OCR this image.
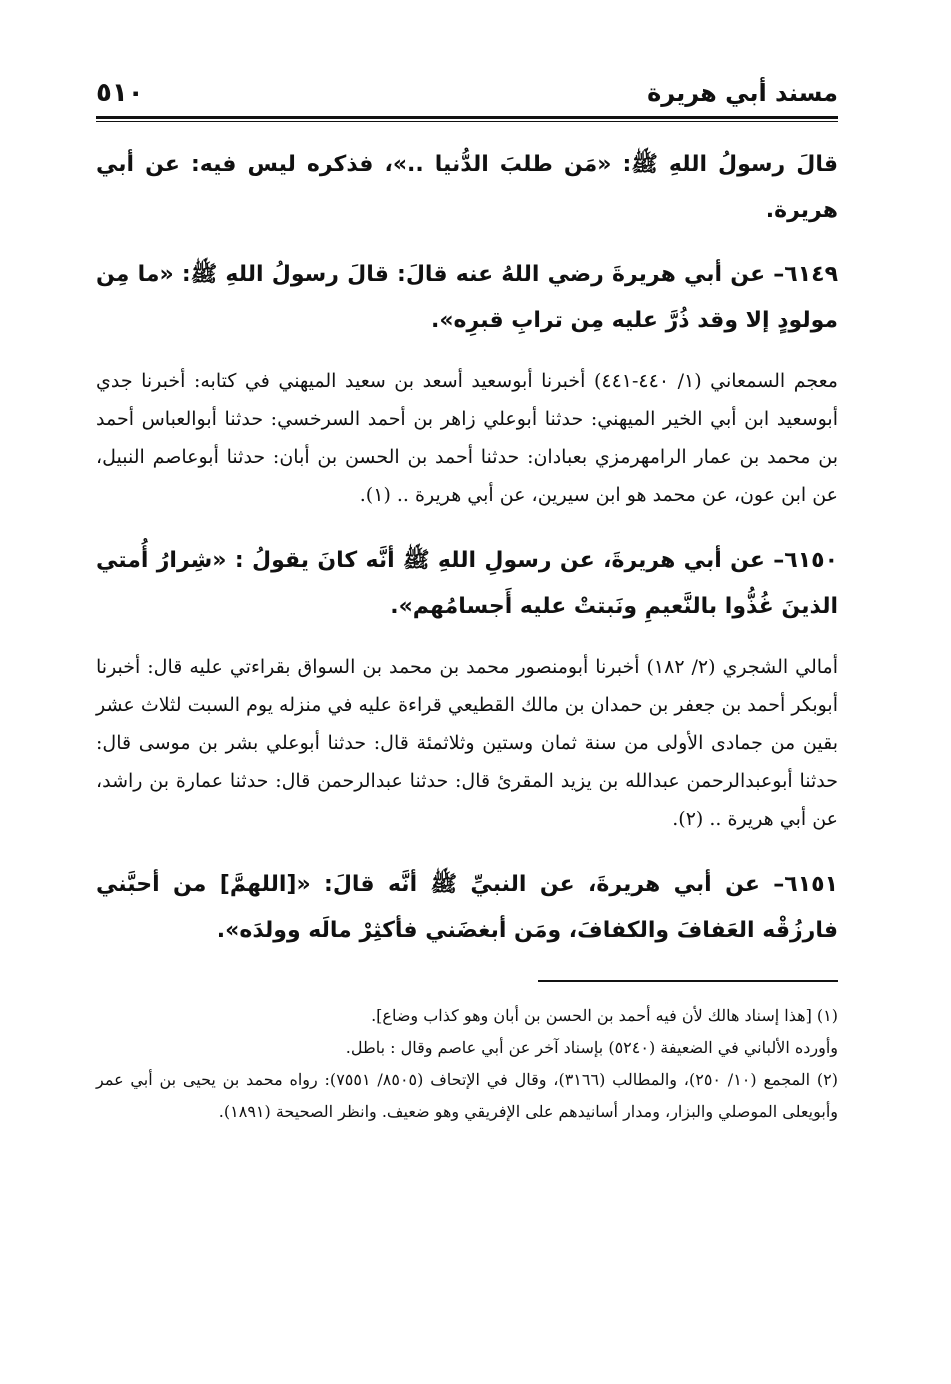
مسند أبي هريرة
٥١٠

قالَ رسولُ اللهِ ﷺ: «مَن طلبَ الدُّنيا ..»، فذكره ليس فيه: عن أبي هريرة.

٦١٤٩– عن أبي هريرةَ رضي اللهُ عنه قالَ: قالَ رسولُ اللهِ ﷺ: «ما مِن مولودٍ إلا وقد ذُرَّ عليه مِن ترابِ قبرِه».

معجم السمعاني (١/ ٤٤٠-٤٤١) أخبرنا أبوسعيد أسعد بن سعيد الميهني في كتابه: أخبرنا جدي أبوسعيد ابن أبي الخير الميهني: حدثنا أبوعلي زاهر بن أحمد السرخسي: حدثنا أبوالعباس أحمد بن محمد بن عمار الرامهرمزي بعبادان: حدثنا أحمد بن الحسن بن أبان: حدثنا أبوعاصم النبيل، عن ابن عون، عن محمد هو ابن سيرين، عن أبي هريرة .. (١).

٦١٥٠– عن أبي هريرةَ، عن رسولِ اللهِ ﷺ أنَّه كانَ يقولُ : «شِرارُ أُمتي الذينَ غُذُّوا بالنَّعيمِ ونَبتتْ عليه أَجسامُهم».

أمالي الشجري (٢/ ١٨٢) أخبرنا أبومنصور محمد بن محمد بن السواق بقراءتي عليه قال: أخبرنا أبوبكر أحمد بن جعفر بن حمدان بن مالك القطيعي قراءة عليه في منزله يوم السبت لثلاث عشر بقين من جمادى الأولى من سنة ثمان وستين وثلاثمئة قال: حدثنا أبوعلي بشر بن موسى قال: حدثنا أبوعبدالرحمن عبدالله بن يزيد المقرئ قال: حدثنا عبدالرحمن قال: حدثنا عمارة بن راشد، عن أبي هريرة .. (٢).

٦١٥١– عن أبي هريرةَ، عن النبيِّ ﷺ أنَّه قالَ: «[اللهمَّ] من أحبَّني فارزُقْه العَفافَ والكفافَ، ومَن أبغضَني فأكثِرْ مالَه وولدَه».

(١) [هذا إسناد هالك لأن فيه أحمد بن الحسن بن أبان وهو كذاب وضاع].

وأورده الألباني في الضعيفة (٥٢٤٠) بإسناد آخر عن أبي عاصم وقال : باطل.

(٢) المجمع (١٠/ ٢٥٠)، والمطالب (٣١٦٦)، وقال في الإتحاف (٨٥٠٥/ ٧٥٥١): رواه محمد بن يحيى بن أبي عمر وأبويعلى الموصلي والبزار، ومدار أسانيدهم على الإفريقي وهو ضعيف. وانظر الصحيحة (١٨٩١).
